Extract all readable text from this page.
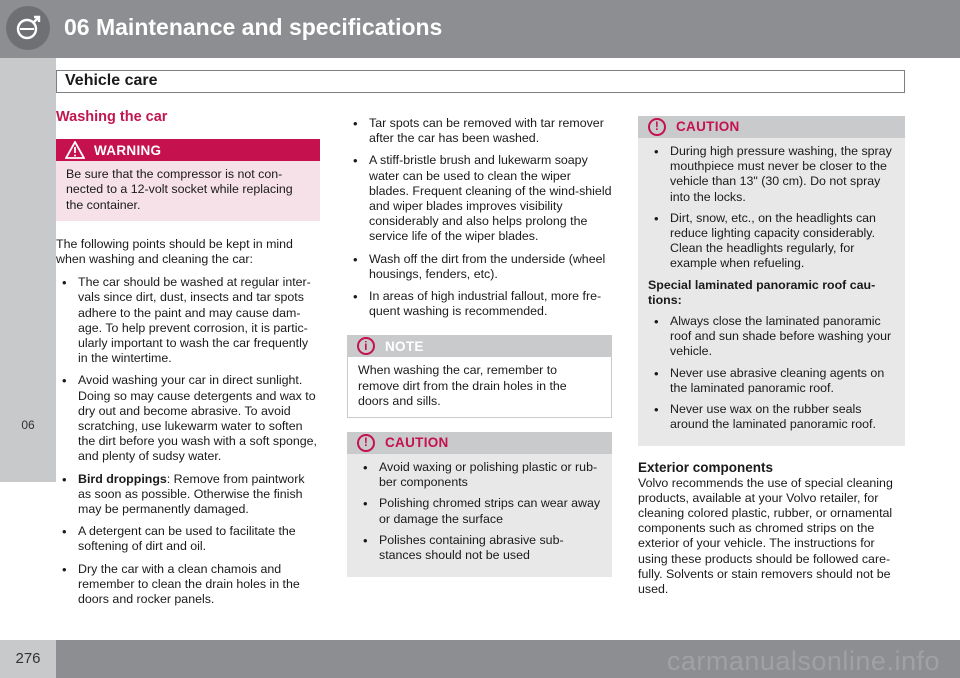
06 Maintenance and specifications
Vehicle care
06
Washing the car
WARNING
Be sure that the compressor is not con-nected to a 12-volt socket while replacing the container.

The following points should be kept in mind when washing and cleaning the car:

• The car should be washed at regular inter-vals since dirt, dust, insects and tar spots adhere to the paint and may cause dam-age. To help prevent corrosion, it is partic-ularly important to wash the car frequently in the wintertime.
• Avoid washing your car in direct sunlight. Doing so may cause detergents and wax to dry out and become abrasive. To avoid scratching, use lukewarm water to soften the dirt before you wash with a soft sponge, and plenty of sudsy water.
• Bird droppings: Remove from paintwork as soon as possible. Otherwise the finish may be permanently damaged.
• A detergent can be used to facilitate the softening of dirt and oil.
• Dry the car with a clean chamois and remember to clean the drain holes in the doors and rocker panels.
• Tar spots can be removed with tar remover after the car has been washed.
• A stiff-bristle brush and lukewarm soapy water can be used to clean the wiper blades. Frequent cleaning of the wind-shield and wiper blades improves visibility considerably and also helps prolong the service life of the wiper blades.
• Wash off the dirt from the underside (wheel housings, fenders, etc).
• In areas of high industrial fallout, more fre-quent washing is recommended.
i	NOTE
When washing the car, remember to remove dirt from the drain holes in the doors and sills.
!	CAUTION
• Avoid waxing or polishing plastic or rub-ber components
• Polishing chromed strips can wear away or damage the surface
• Polishes containing abrasive sub-stances should not be used
!	CAUTION
• During high pressure washing, the spray mouthpiece must never be closer to the vehicle than 13" (30 cm). Do not spray into the locks.
• Dirt, snow, etc., on the headlights can reduce lighting capacity considerably. Clean the headlights regularly, for example when refueling.
Special laminated panoramic roof cau-tions:
• Always close the laminated panoramic roof and sun shade before washing your vehicle.
• Never use abrasive cleaning agents on the laminated panoramic roof.
• Never use wax on the rubber seals around the laminated panoramic roof.
Exterior components

Volvo recommends the use of special cleaning products, available at your Volvo retailer, for cleaning colored plastic, rubber, or ornamental components such as chromed strips on the exterior of your vehicle. The instructions for using these products should be followed care-fully. Solvents or stain removers should not be used.

276	carmanualsonline.info
